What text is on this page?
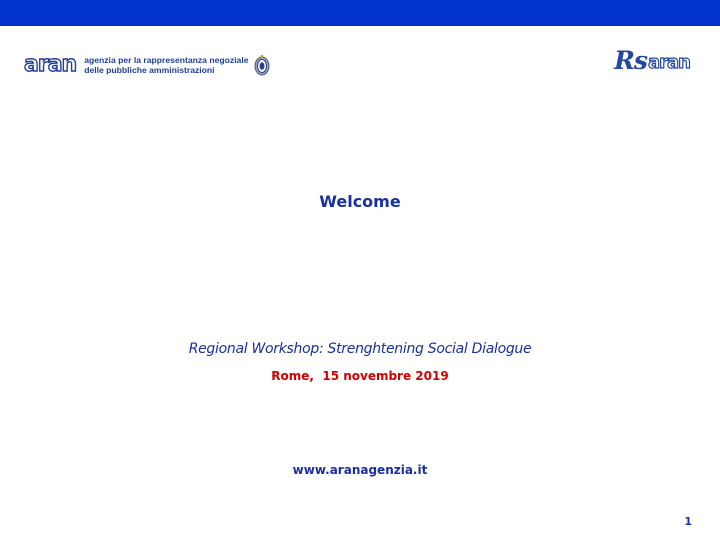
aran agenzia per la rappresentanza negoziale
delle pubbliche amministrazioni	Rs aran
Welcome
Regional Workshop: Strenghtening Social Dialogue
Rome,  15 novembre 2019
www.aranagenzia.it
1
